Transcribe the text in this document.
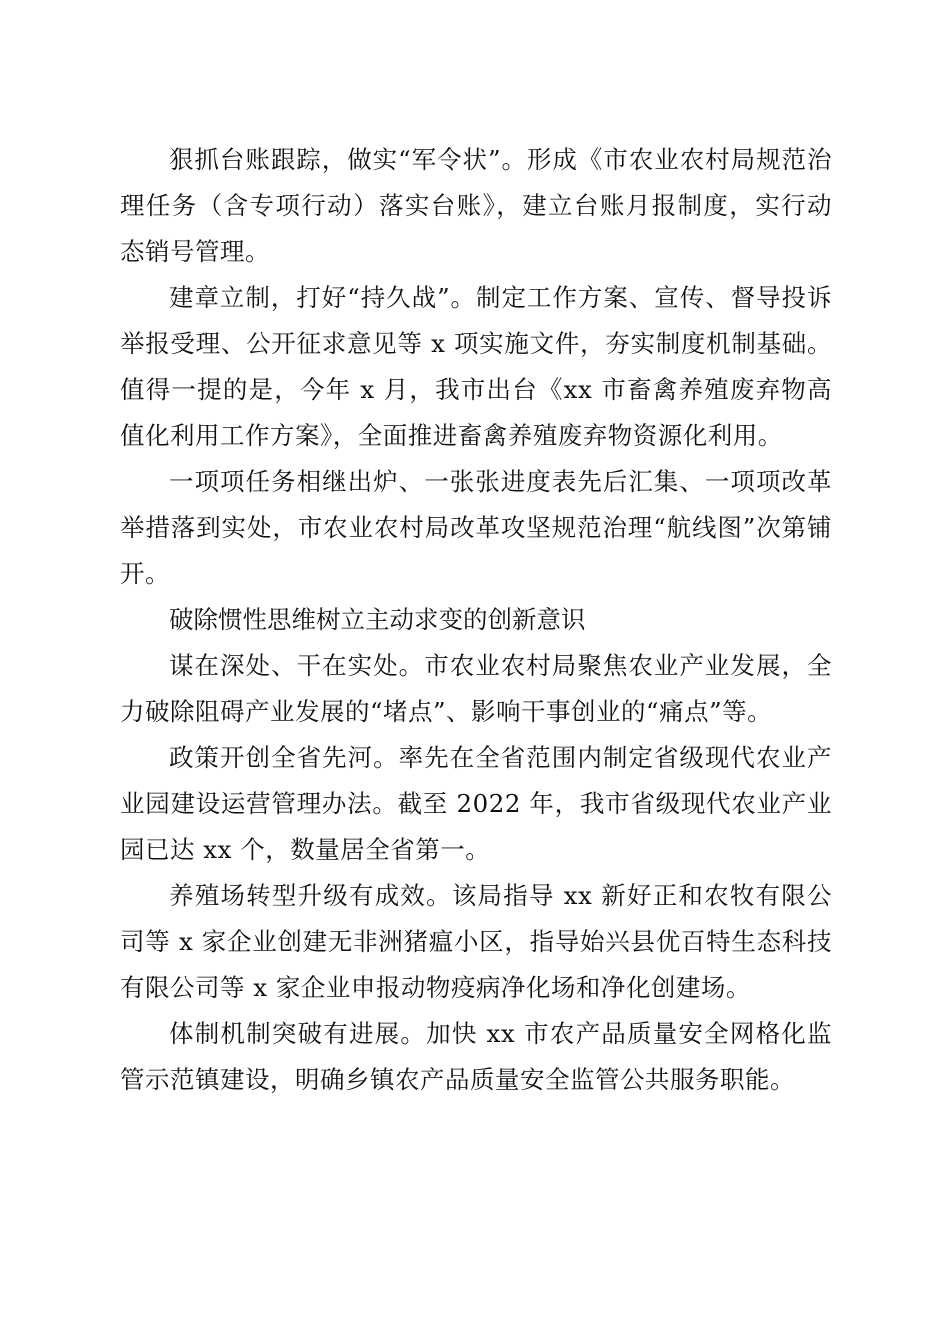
狠抓台账跟踪，做实“军令状”。形成《市农业农村局规范治理任务（含专项行动）落实台账》，建立台账月报制度，实行动态销号管理。

建章立制，打好“持久战”。制定工作方案、宣传、督导投诉举报受理、公开征求意见等 x 项实施文件，夯实制度机制基础。值得一提的是，今年 x 月，我市出台《xx 市畜禽养殖废弃物高值化利用工作方案》，全面推进畜禽养殖废弃物资源化利用。

一项项任务相继出炉、一张张进度表先后汇集、一项项改革举措落到实处，市农业农村局改革攻坚规范治理“航线图”次第铺开。

破除惯性思维树立主动求变的创新意识

谋在深处、干在实处。市农业农村局聚焦农业产业发展，全力破除阻碍产业发展的“堵点”、影响干事创业的“痛点”等。

政策开创全省先河。率先在全省范围内制定省级现代农业产业园建设运营管理办法。截至 2022 年，我市省级现代农业产业园已达 xx 个，数量居全省第一。

养殖场转型升级有成效。该局指导 xx 新好正和农牧有限公司等 x 家企业创建无非洲猪瘟小区，指导始兴县优百特生态科技有限公司等 x 家企业申报动物疫病净化场和净化创建场。

体制机制突破有进展。加快 xx 市农产品质量安全网格化监管示范镇建设，明确乡镇农产品质量安全监管公共服务职能。
